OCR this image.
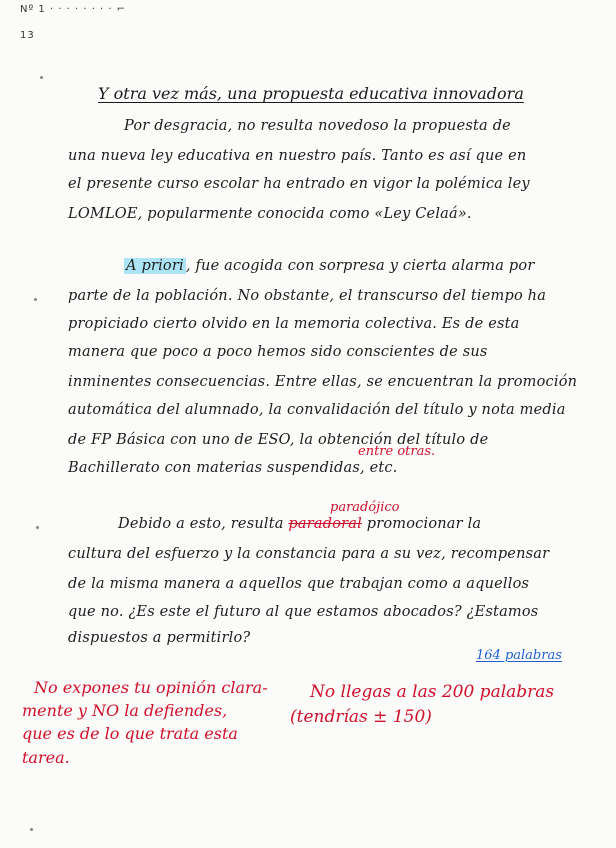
Nº 1 · · · · · · · · ⌐
13
Y otra vez más, una propuesta educativa innovadora
Por desgracia, no resulta novedoso la propuesta de
una nueva ley educativa en nuestro país. Tanto es así que en
el presente curso escolar ha entrado en vigor la polémica ley
LOMLOE, popularmente conocida como «Ley Celaá».
A priori , fue acogida con sorpresa y cierta alarma por
parte de la población. No obstante, el transcurso del tiempo ha
propiciado cierto olvido en la memoria colectiva. Es de esta
manera que poco a poco hemos sido conscientes de sus
inminentes consecuencias. Entre ellas, se encuentran la promoción
automática del alumnado, la convalidación del título y nota media
de FP Básica con uno de ESO, la obtención del título de
Bachillerato con materias suspendidas, etc.
entre otras.
paradójico
Debido a esto, resulta paradoral promocionar la
cultura del esfuerzo y la constancia para a su vez, recompensar
de la misma manera a aquellos que trabajan como a aquellos
que no. ¿Es este el futuro al que estamos abocados? ¿Estamos
dispuestos a permitirlo?
164 palabras
No expones tu opinión clara-
mente y NO la defiendes,
que es de lo que trata esta
tarea.
No llegas a las 200 palabras
(tendrías ± 150)
